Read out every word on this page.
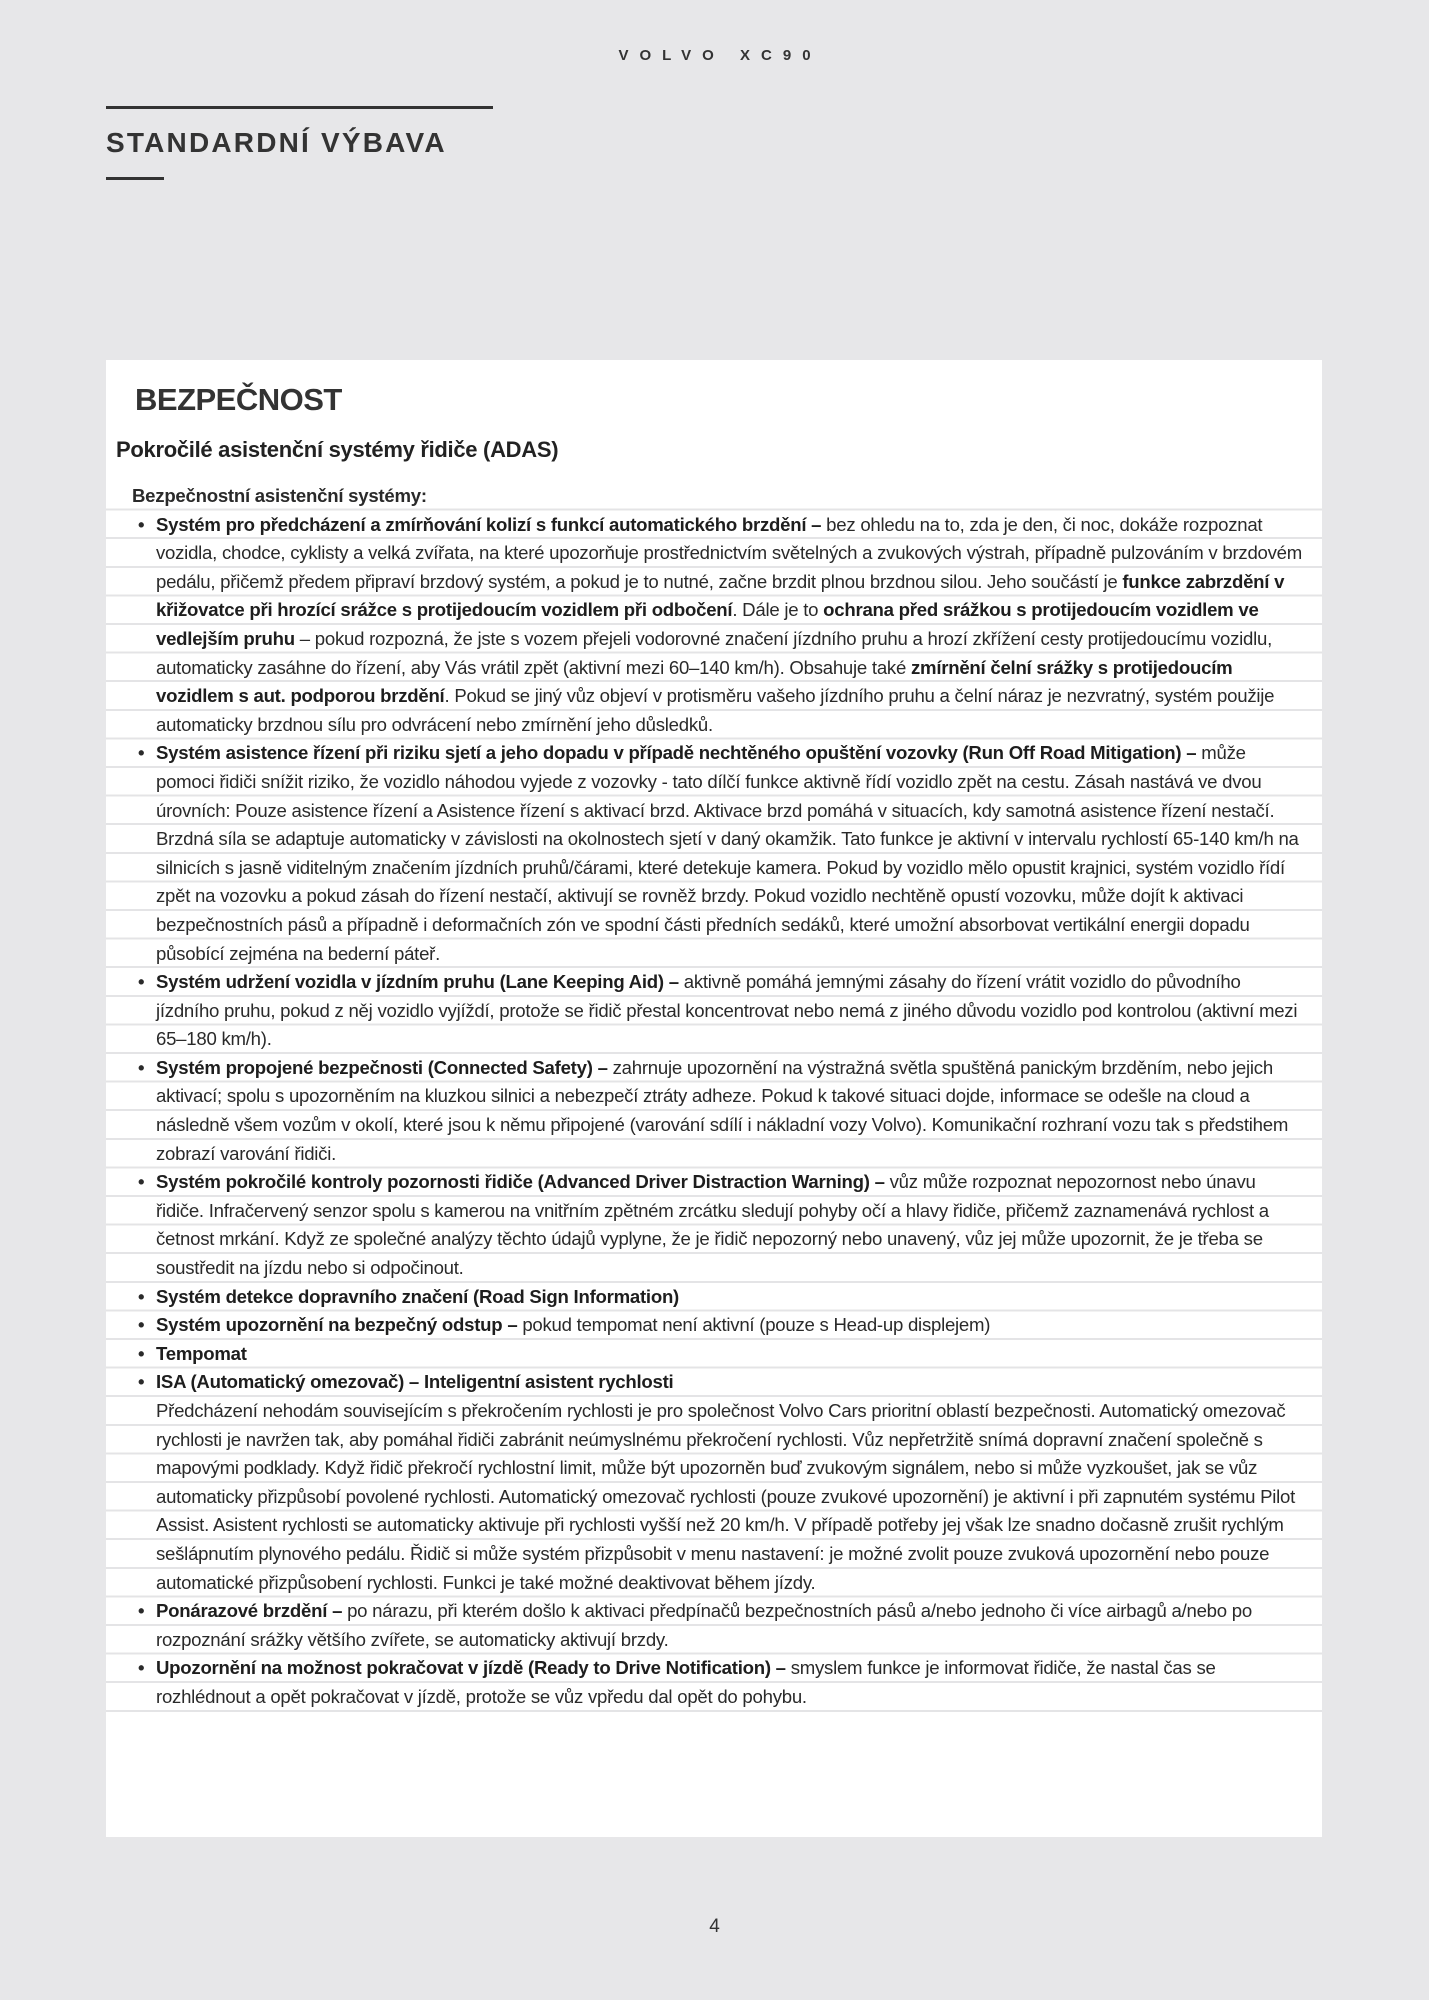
VOLVO XC90
STANDARDNÍ VÝBAVA
BEZPEČNOST
Pokročilé asistenční systémy řidiče (ADAS)
Bezpečnostní asistenční systémy:
• Systém pro předcházení a zmírňování kolizí s funkcí automatického brzdění – bez ohledu na to, zda je den, či noc, dokáže rozpoznat vozidla, chodce, cyklisty a velká zvířata, na které upozorňuje prostřednictvím světelných a zvukových výstrah, případně pulzováním v brzdovém pedálu, přičemž předem připraví brzdový systém, a pokud je to nutné, začne brzdit plnou brzdnou silou. Jeho součástí je funkce zabrzdění v křižovatce při hrozící srážce s protijedoucím vozidlem při odbočení. Dále je to ochrana před srážkou s protijedoucím vozidlem ve vedlejším pruhu – pokud rozpozná, že jste s vozem přejeli vodorovné značení jízdního pruhu a hrozí zkřížení cesty protijedoucímu vozidlu, automaticky zasáhne do řízení, aby Vás vrátil zpět (aktivní mezi 60–140 km/h). Obsahuje také zmírnění čelní srážky s protijedoucím vozidlem s aut. podporou brzdění. Pokud se jiný vůz objeví v protisměru vašeho jízdního pruhu a čelní náraz je nezvratný, systém použije automaticky brzdnou sílu pro odvrácení nebo zmírnění jeho důsledků.
• Systém asistence řízení při riziku sjetí a jeho dopadu v případě nechtěného opuštění vozovky (Run Off Road Mitigation) – může pomoci řidiči snížit riziko, že vozidlo náhodou vyjede z vozovky - tato dílčí funkce aktivně řídí vozidlo zpět na cestu. Zásah nastává ve dvou úrovních: Pouze asistence řízení a Asistence řízení s aktivací brzd. Aktivace brzd pomáhá v situacích, kdy samotná asistence řízení nestačí. Brzdná síla se adaptuje automaticky v závislosti na okolnostech sjetí v daný okamžik. Tato funkce je aktivní v intervalu rychlostí 65-140 km/h na silnicích s jasně viditelným značením jízdních pruhů/čárami, které detekuje kamera. Pokud by vozidlo mělo opustit krajnici, systém vozidlo řídí zpět na vozovku a pokud zásah do řízení nestačí, aktivují se rovněž brzdy. Pokud vozidlo nechtěně opustí vozovku, může dojít k aktivaci bezpečnostních pásů a případně i deformačních zón ve spodní části předních sedáků, které umožní absorbovat vertikální energii dopadu působící zejména na bederní páteř.
• Systém udržení vozidla v jízdním pruhu (Lane Keeping Aid) – aktivně pomáhá jemnými zásahy do řízení vrátit vozidlo do původního jízdního pruhu, pokud z něj vozidlo vyjíždí, protože se řidič přestal koncentrovat nebo nemá z jiného důvodu vozidlo pod kontrolou (aktivní mezi 65–180 km/h).
• Systém propojené bezpečnosti (Connected Safety) – zahrnuje upozornění na výstražná světla spuštěná panickým brzděním, nebo jejich aktivací; spolu s upozorněním na kluzkou silnici a nebezpečí ztráty adheze. Pokud k takové situaci dojde, informace se odešle na cloud a následně všem vozům v okolí, které jsou k němu připojené (varování sdílí i nákladní vozy Volvo). Komunikační rozhraní vozu tak s předstihem zobrazí varování řidiči.
• Systém pokročilé kontroly pozornosti řidiče (Advanced Driver Distraction Warning) – vůz může rozpoznat nepozornost nebo únavu řidiče. Infračervený senzor spolu s kamerou na vnitřním zpětném zrcátku sledují pohyby očí a hlavy řidiče, přičemž zaznamenává rychlost a četnost mrkání. Když ze společné analýzy těchto údajů vyplyne, že je řidič nepozorný nebo unavený, vůz jej může upozornit, že je třeba se soustředit na jízdu nebo si odpočinout.
• Systém detekce dopravního značení (Road Sign Information)
• Systém upozornění na bezpečný odstup – pokud tempomat není aktivní (pouze s Head-up displejem)
• Tempomat
• ISA (Automatický omezovač) – Inteligentní asistent rychlosti
Předcházení nehodám souvisejícím s překročením rychlosti je pro společnost Volvo Cars prioritní oblastí bezpečnosti. Automatický omezovač rychlosti je navržen tak, aby pomáhal řidiči zabránit neúmyslnému překročení rychlosti. Vůz nepřetržitě snímá dopravní značení společně s mapovými podklady. Když řidič překročí rychlostní limit, může být upozorněn buď zvukovým signálem, nebo si může vyzkoušet, jak se vůz automaticky přizpůsobí povolené rychlosti. Automatický omezovač rychlosti (pouze zvukové upozornění) je aktivní i při zapnutém systému Pilot Assist. Asistent rychlosti se automaticky aktivuje při rychlosti vyšší než 20 km/h. V případě potřeby jej však lze snadno dočasně zrušit rychlým sešlápnutím plynového pedálu. Řidič si může systém přizpůsobit v menu nastavení: je možné zvolit pouze zvuková upozornění nebo pouze automatické přizpůsobení rychlosti. Funkci je také možné deaktivovat během jízdy.
• Ponárazové brzdění – po nárazu, při kterém došlo k aktivaci předpínačů bezpečnostních pásů a/nebo jednoho či více airbagů a/nebo po rozpoznání srážky většího zvířete, se automaticky aktivují brzdy.
• Upozornění na možnost pokračovat v jízdě (Ready to Drive Notification) – smyslem funkce je informovat řidiče, že nastal čas se rozhlédnout a opět pokračovat v jízdě, protože se vůz vpředu dal opět do pohybu.
4
